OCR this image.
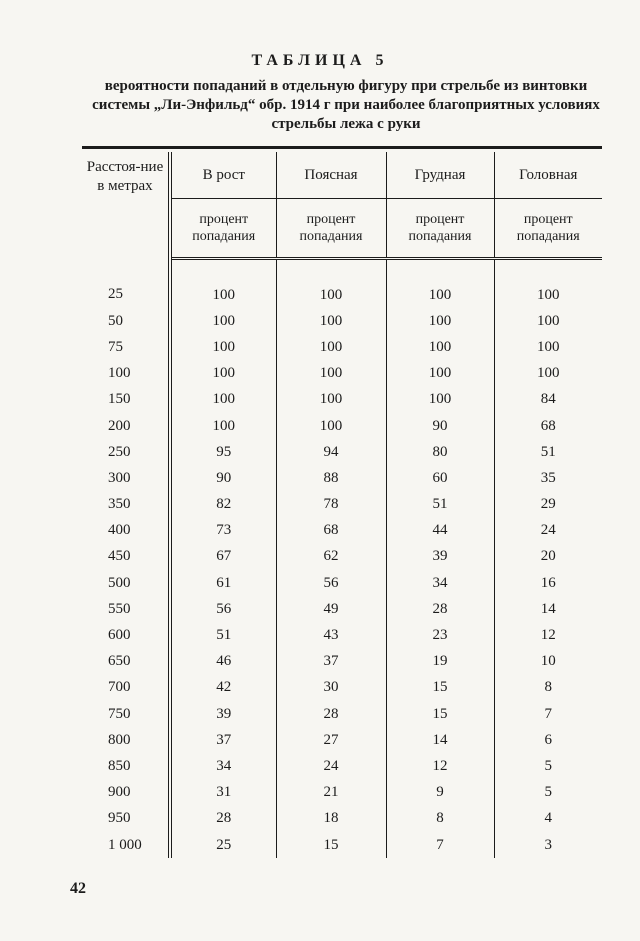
ТАБЛИЦА 5
вероятности попаданий в отдельную фигуру при стрельбе из винтовки системы „Ли-Энфильд“ обр. 1914 г при наиболее благоприятных условиях стрельбы лежа с руки
Расстоя-ние в метрах	В рост	Поясная	Грудная	Головная
	процент попадания	процент попадания	процент попадания	процент попадания
25	100	100	100	100
50	100	100	100	100
75	100	100	100	100
100	100	100	100	100
150	100	100	100	84
200	100	100	90	68
250	95	94	80	51
300	90	88	60	35
350	82	78	51	29
400	73	68	44	24
450	67	62	39	20
500	61	56	34	16
550	56	49	28	14
600	51	43	23	12
650	46	37	19	10
700	42	30	15	8
750	39	28	15	7
800	37	27	14	6
850	34	24	12	5
900	31	21	9	5
950	28	18	8	4
1 000	25	15	7	3
42
